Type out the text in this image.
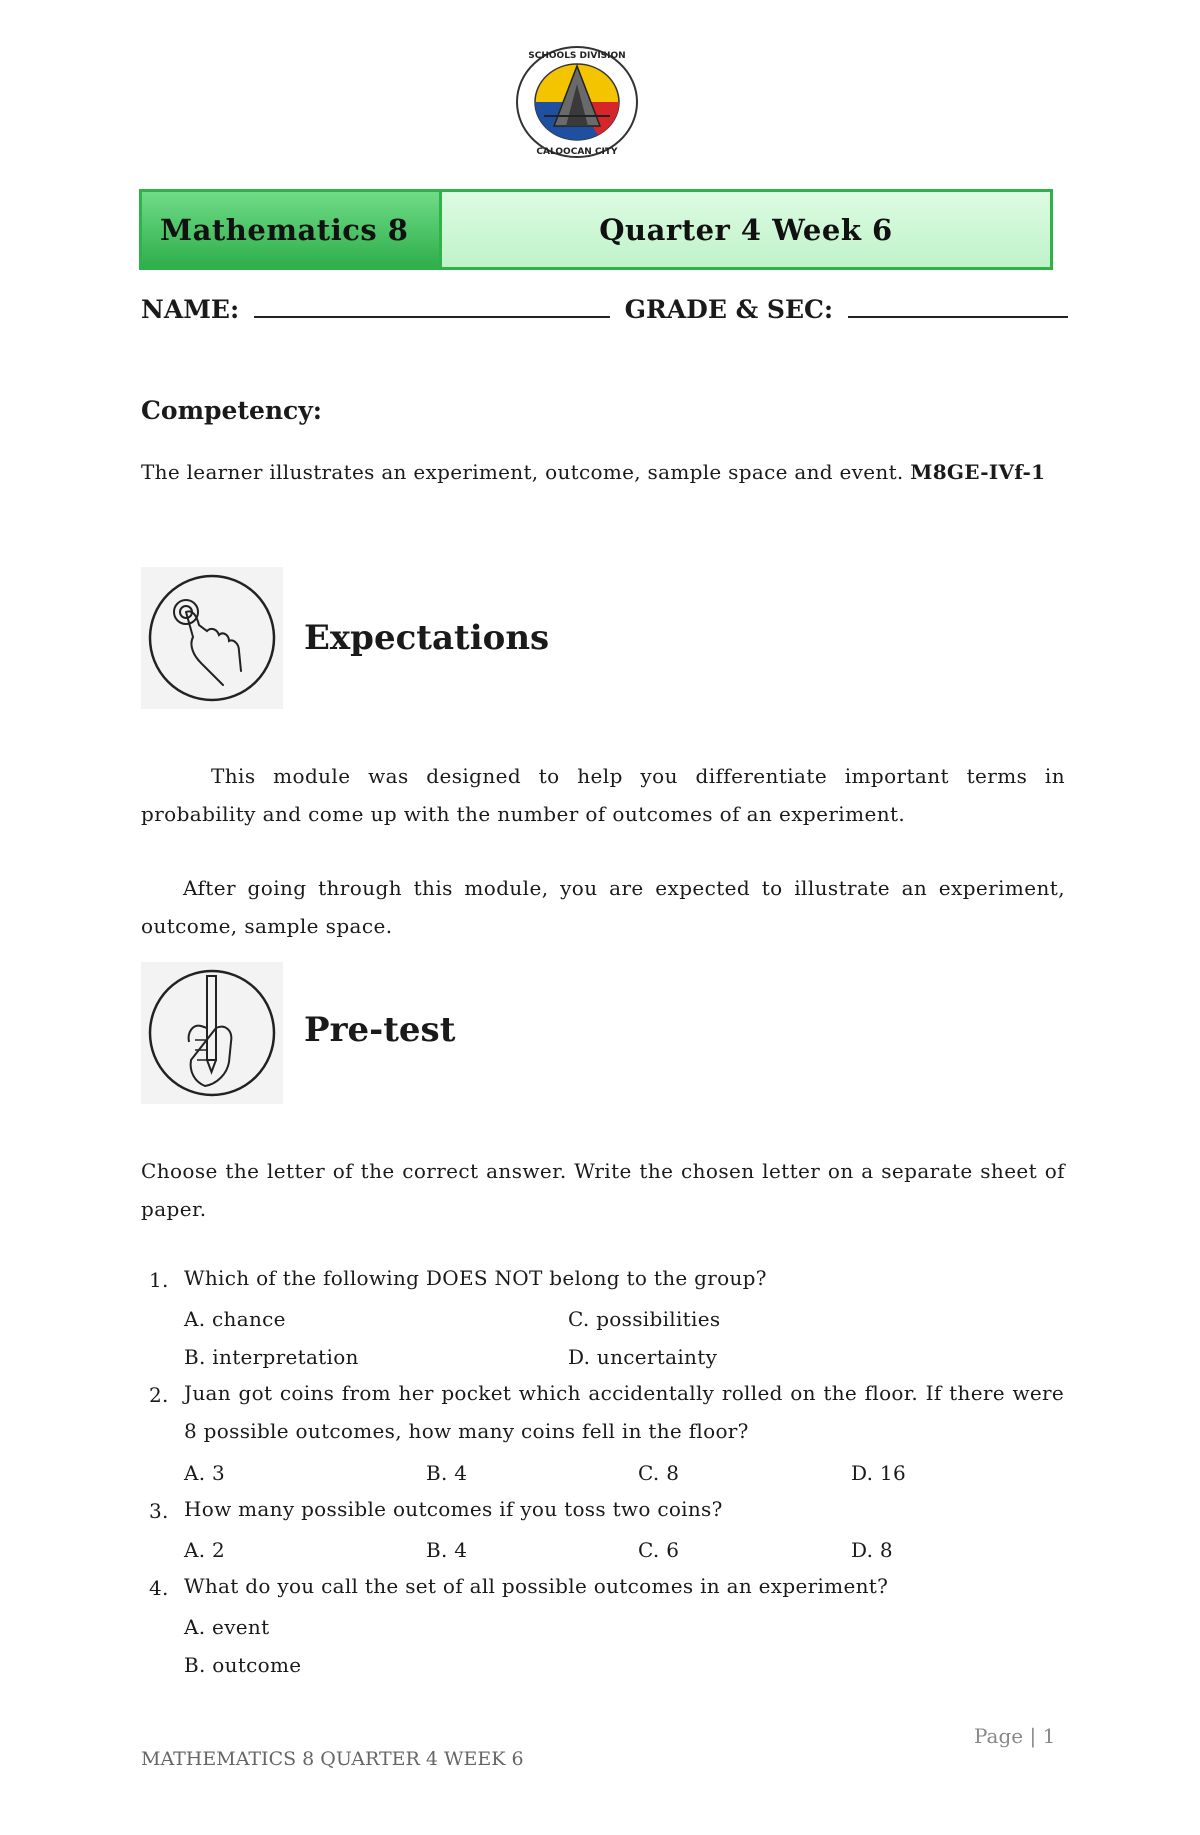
SCHOOLS DIVISION
CALOOCAN CITY
Mathematics 8	Quarter 4 Week 6
NAME:	GRADE & SEC:
Competency:
The learner illustrates an experiment, outcome, sample space and event. M8GE-IVf-1
Expectations
This module was designed to help you differentiate important terms in probability and come up with the number of outcomes of an experiment.
After going through this module, you are expected to illustrate an experiment, outcome, sample space.
Pre-test
Choose the letter of the correct answer. Write the chosen letter on a separate sheet of paper.
1. Which of the following DOES NOT belong to the group?
A. chance	C. possibilities
B. interpretation	D. uncertainty
2. Juan got coins from her pocket which accidentally rolled on the floor. If there were 8 possible outcomes, how many coins fell in the floor?
A. 3	B. 4	C. 8	D. 16
3. How many possible outcomes if you toss two coins?
A. 2	B. 4	C. 6	D. 8
4. What do you call the set of all possible outcomes in an experiment?
A. event
B. outcome
Page | 1
MATHEMATICS 8 QUARTER 4 WEEK 6
